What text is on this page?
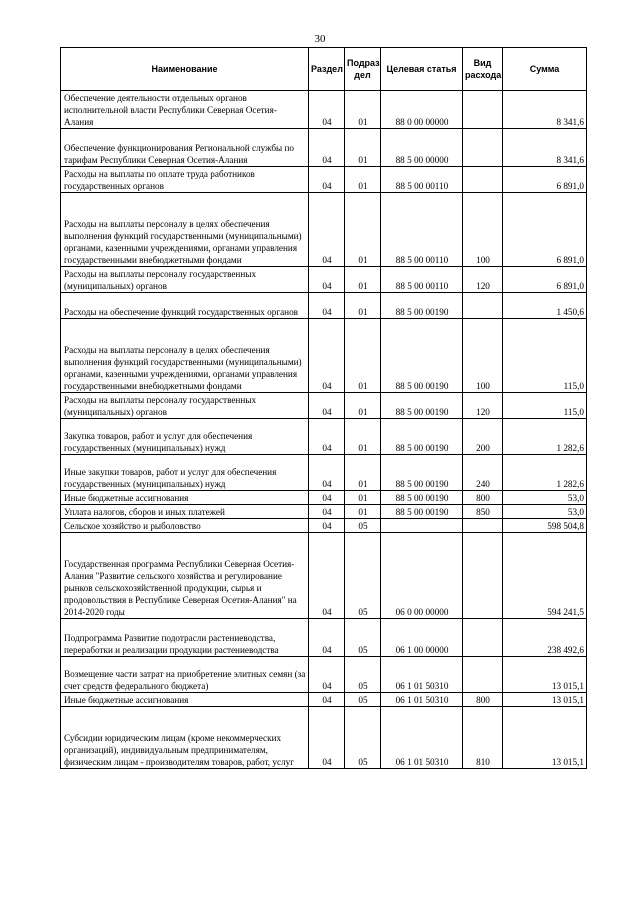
30
Наименование	Раздел	Подраз дел	Целевая статья	Вид расхода	Сумма
Обеспечение деятельности отдельных органов исполнительной власти Республики Северная Осетия-Алания	04	01	88 0 00 00000		8 341,6
Обеспечение функционирования Региональной службы по тарифам Республики Северная Осетия-Алания	04	01	88 5 00 00000		8 341,6
Расходы на выплаты по оплате труда работников государственных органов	04	01	88 5 00 00110		6 891,0
Расходы на выплаты персоналу в целях обеспечения выполнения функций государственными (муниципальными) органами, казенными учреждениями, органами управления государственными внебюджетными фондами	04	01	88 5 00 00110	100	6 891,0
Расходы на выплаты персоналу государственных (муниципальных) органов	04	01	88 5 00 00110	120	6 891,0
Расходы на обеспечение функций государственных органов	04	01	88 5 00 00190		1 450,6
Расходы на выплаты персоналу в целях обеспечения выполнения функций государственными (муниципальными) органами, казенными учреждениями, органами управления государственными внебюджетными фондами	04	01	88 5 00 00190	100	115,0
Расходы на выплаты персоналу государственных (муниципальных) органов	04	01	88 5 00 00190	120	115,0
Закупка товаров, работ и услуг для обеспечения государственных (муниципальных) нужд	04	01	88 5 00 00190	200	1 282,6
Иные закупки товаров, работ и услуг для обеспечения государственных (муниципальных) нужд	04	01	88 5 00 00190	240	1 282,6
Иные бюджетные ассигнования	04	01	88 5 00 00190	800	53,0
Уплата налогов, сборов и иных платежей	04	01	88 5 00 00190	850	53,0
Сельское хозяйство и рыболовство	04	05			598 504,8
Государственная программа Республики Северная Осетия-Алания "Развитие сельского хозяйства и регулирование рынков сельскохозяйственной продукции, сырья и продовольствия в Республике Северная Осетия-Алания" на 2014-2020 годы	04	05	06 0 00 00000		594 241,5
Подпрограмма Развитие подотрасли растениеводства, переработки и реализации продукции растениеводства	04	05	06 1 00 00000		238 492,6
Возмещение части затрат на приобретение элитных семян (за счет средств федерального бюджета)	04	05	06 1 01 50310		13 015,1
Иные бюджетные ассигнования	04	05	06 1 01 50310	800	13 015,1
Субсидии юридическим лицам (кроме некоммерческих организаций), индивидуальным предпринимателям, физическим лицам - производителям товаров, работ, услуг	04	05	06 1 01 50310	810	13 015,1
